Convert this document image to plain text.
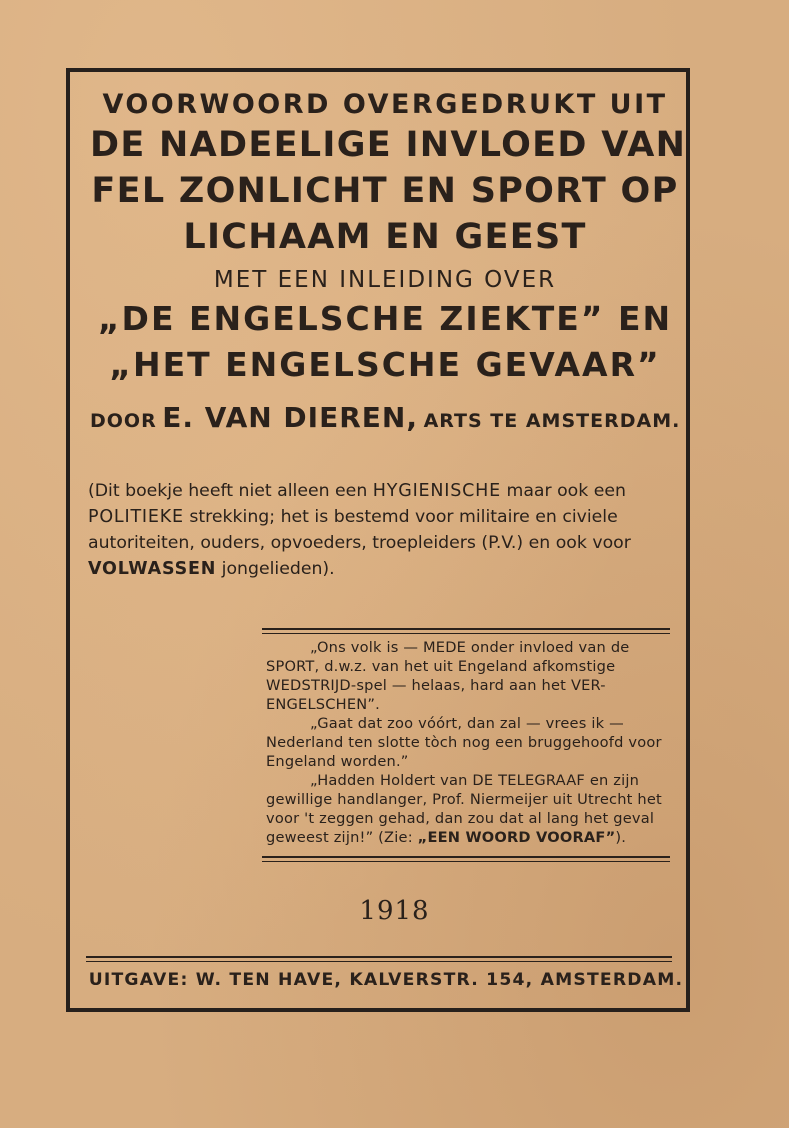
VOORWOORD OVERGEDRUKT UIT
DE NADEELIGE INVLOED VAN
FEL ZONLICHT EN SPORT OP
LICHAAM EN GEEST
MET EEN INLEIDING OVER
„DE ENGELSCHE ZIEKTE” EN
„HET ENGELSCHE GEVAAR”
DOOR E. VAN DIEREN, ARTS TE AMSTERDAM.
(Dit boekje heeft niet alleen een HYGIENISCHE maar ook een
POLITIEKE strekking; het is bestemd voor militaire en civiele
autoriteiten, ouders, opvoeders, troepleiders (P.V.) en ook voor
VOLWASSEN jongelieden).
„Ons volk is — MEDE onder invloed van de
SPORT, d.w.z. van het uit Engeland afkomstige
WEDSTRIJD-spel — helaas, hard aan het VER-
ENGELSCHEN”.
„Gaat dat zoo vóórt, dan zal — vrees ik —
Nederland ten slotte tòch nog een bruggehoofd voor
Engeland worden.”
„Hadden Holdert van DE TELEGRAAF en zijn
gewillige handlanger, Prof. Niermeijer uit Utrecht het
voor 't zeggen gehad, dan zou dat al lang het geval
geweest zijn!” (Zie: „EEN WOORD VOORAF”).
1918
UITGAVE: W. TEN HAVE, KALVERSTR. 154, AMSTERDAM.
